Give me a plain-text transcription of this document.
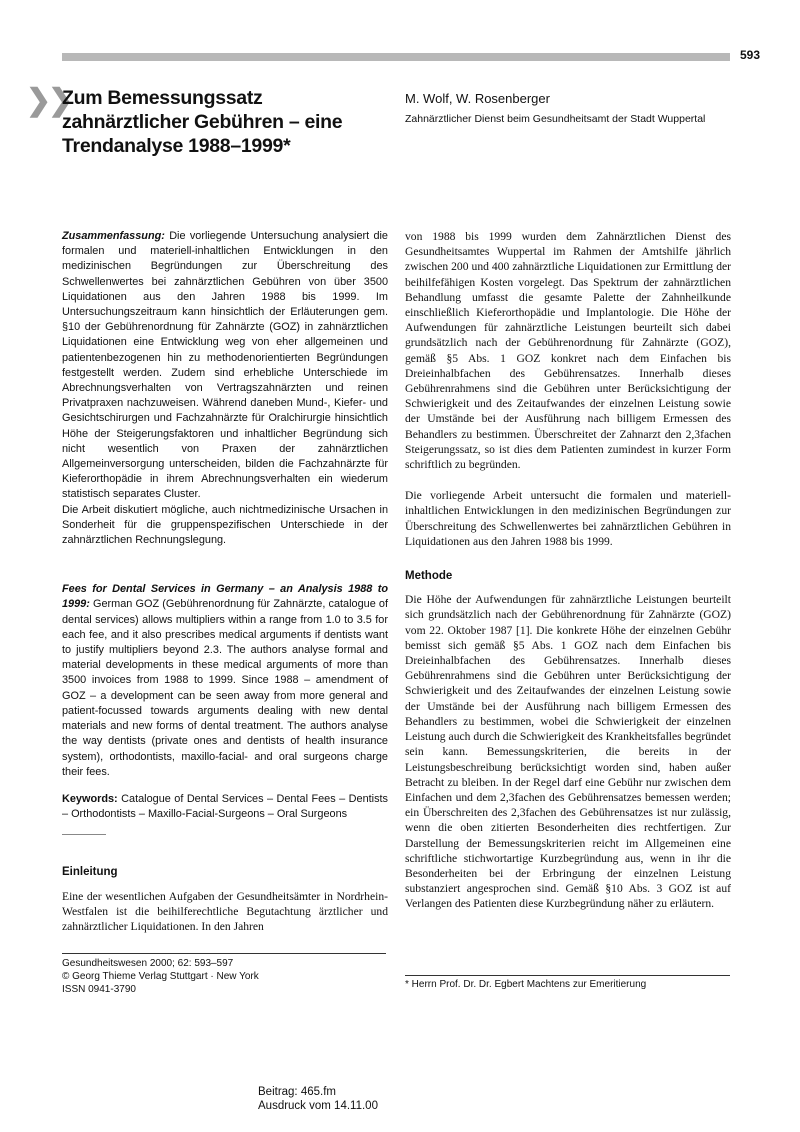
593
❯❯
Zum Bemessungssatz zahnärztlicher Gebühren – eine Trendanalyse 1988–1999*
M. Wolf, W. Rosenberger
Zahnärztlicher Dienst beim Gesundheitsamt der Stadt Wuppertal

Zusammenfassung: Die vorliegende Untersuchung analysiert die formalen und materiell-inhaltlichen Entwicklungen in den medizinischen Begründungen zur Überschreitung des Schwellenwertes bei zahnärztlichen Gebühren von über 3500 Liquidationen aus den Jahren 1988 bis 1999. Im Untersuchungszeitraum kann hinsichtlich der Erläuterungen gem. §10 der Gebührenordnung für Zahnärzte (GOZ) in zahnärztlichen Liquidationen eine Entwicklung weg von eher allgemeinen und patientenbezogenen hin zu methodenorientierten Begründungen festgestellt werden. Zudem sind erhebliche Unterschiede im Abrechnungsverhalten von Vertragszahnärzten und reinen Privatpraxen nachzuweisen. Während daneben Mund-, Kiefer- und Gesichtschirurgen und Fachzahnärzte für Oralchirurgie hinsichtlich Höhe der Steigerungsfaktoren und inhaltlicher Begründung sich nicht wesentlich von Praxen der zahnärztlichen Allgemeinversorgung unterscheiden, bilden die Fachzahnärzte für Kieferorthopädie in ihrem Abrechnungsverhalten ein wiederum statistisch separates Cluster.

Die Arbeit diskutiert mögliche, auch nichtmedizinische Ursachen in Sonderheit für die gruppenspezifischen Unterschiede in der zahnärztlichen Rechnungslegung.

Fees for Dental Services in Germany – an Analysis 1988 to 1999: German GOZ (Gebührenordnung für Zahnärzte, catalogue of dental services) allows multipliers within a range from 1.0 to 3.5 for each fee, and it also prescribes medical arguments if dentists want to justify multipliers beyond 2.3. The authors analyse formal and material developments in these medical arguments of more than 3500 invoices from 1988 to 1999. Since 1988 – amendment of GOZ – a development can be seen away from more general and patient-focussed towards arguments dealing with new dental materials and new forms of dental treatment. The authors analyse the way dentists (private ones and dentists of health insurance system), orthodontists, maxillo-facial- and oral surgeons charge their fees.

Keywords: Catalogue of Dental Services – Dental Fees – Dentists – Orthodontists – Maxillo-Facial-Surgeons – Oral Surgeons

Einleitung

Eine der wesentlichen Aufgaben der Gesundheitsämter in Nordrhein-Westfalen ist die beihilferechtliche Begutachtung ärztlicher und zahnärztlicher Liquidationen. In den Jahren

von 1988 bis 1999 wurden dem Zahnärztlichen Dienst des Gesundheitsamtes Wuppertal im Rahmen der Amtshilfe jährlich zwischen 200 und 400 zahnärztliche Liquidationen zur Ermittlung der beihilfefähigen Kosten vorgelegt. Das Spektrum der zahnärztlichen Behandlung umfasst die gesamte Palette der Zahnheilkunde einschließlich Kieferorthopädie und Implantologie. Die Höhe der Aufwendungen für zahnärztliche Leistungen beurteilt sich dabei grundsätzlich nach der Gebührenordnung für Zahnärzte (GOZ), gemäß §5 Abs. 1 GOZ konkret nach dem Einfachen bis Dreieinhalbfachen des Gebührensatzes. Innerhalb dieses Gebührenrahmens sind die Gebühren unter Berücksichtigung der Schwierigkeit und des Zeitaufwandes der einzelnen Leistung sowie der Umstände bei der Ausführung nach billigem Ermessen des Behandlers zu bestimmen. Überschreitet der Zahnarzt den 2,3fachen Steigerungssatz, so ist dies dem Patienten zumindest in kurzer Form schriftlich zu begründen.

Die vorliegende Arbeit untersucht die formalen und materiell-inhaltlichen Entwicklungen in den medizinischen Begründungen zur Überschreitung des Schwellenwertes bei zahnärztlichen Gebühren in Liquidationen aus den Jahren 1988 bis 1999.

Methode

Die Höhe der Aufwendungen für zahnärztliche Leistungen beurteilt sich grundsätzlich nach der Gebührenordnung für Zahnärzte (GOZ) vom 22. Oktober 1987 [1]. Die konkrete Höhe der einzelnen Gebühr bemisst sich gemäß §5 Abs. 1 GOZ nach dem Einfachen bis Dreieinhalbfachen des Gebührensatzes. Innerhalb dieses Gebührenrahmens sind die Gebühren unter Berücksichtigung der Schwierigkeit und des Zeitaufwandes der einzelnen Leistung sowie der Umstände bei der Ausführung nach billigem Ermessen des Behandlers zu bestimmen, wobei die Schwierigkeit der einzelnen Leistung auch durch die Schwierigkeit des Krankheitsfalles begründet sein kann. Bemessungskriterien, die bereits in der Leistungsbeschreibung berücksichtigt worden sind, haben außer Betracht zu bleiben. In der Regel darf eine Gebühr nur zwischen dem Einfachen und dem 2,3fachen des Gebührensatzes bemessen werden; ein Überschreiten des 2,3fachen des Gebührensatzes ist nur zulässig, wenn die oben zitierten Besonderheiten dies rechtfertigen. Zur Darstellung der Bemessungskriterien reicht im Allgemeinen eine schriftliche stichwortartige Kurzbegründung aus, wenn in ihr die Besonderheiten bei der Erbringung der einzelnen Leistung substanziert angesprochen sind. Gemäß §10 Abs. 3 GOZ ist auf Verlangen des Patienten diese Kurzbegründung näher zu erläutern.

Gesundheitswesen 2000; 62: 593–597
© Georg Thieme Verlag Stuttgart · New York
ISSN 0941-3790	* Herrn Prof. Dr. Dr. Egbert Machtens zur Emeritierung
Beitrag: 465.fm
Ausdruck vom 14.11.00
